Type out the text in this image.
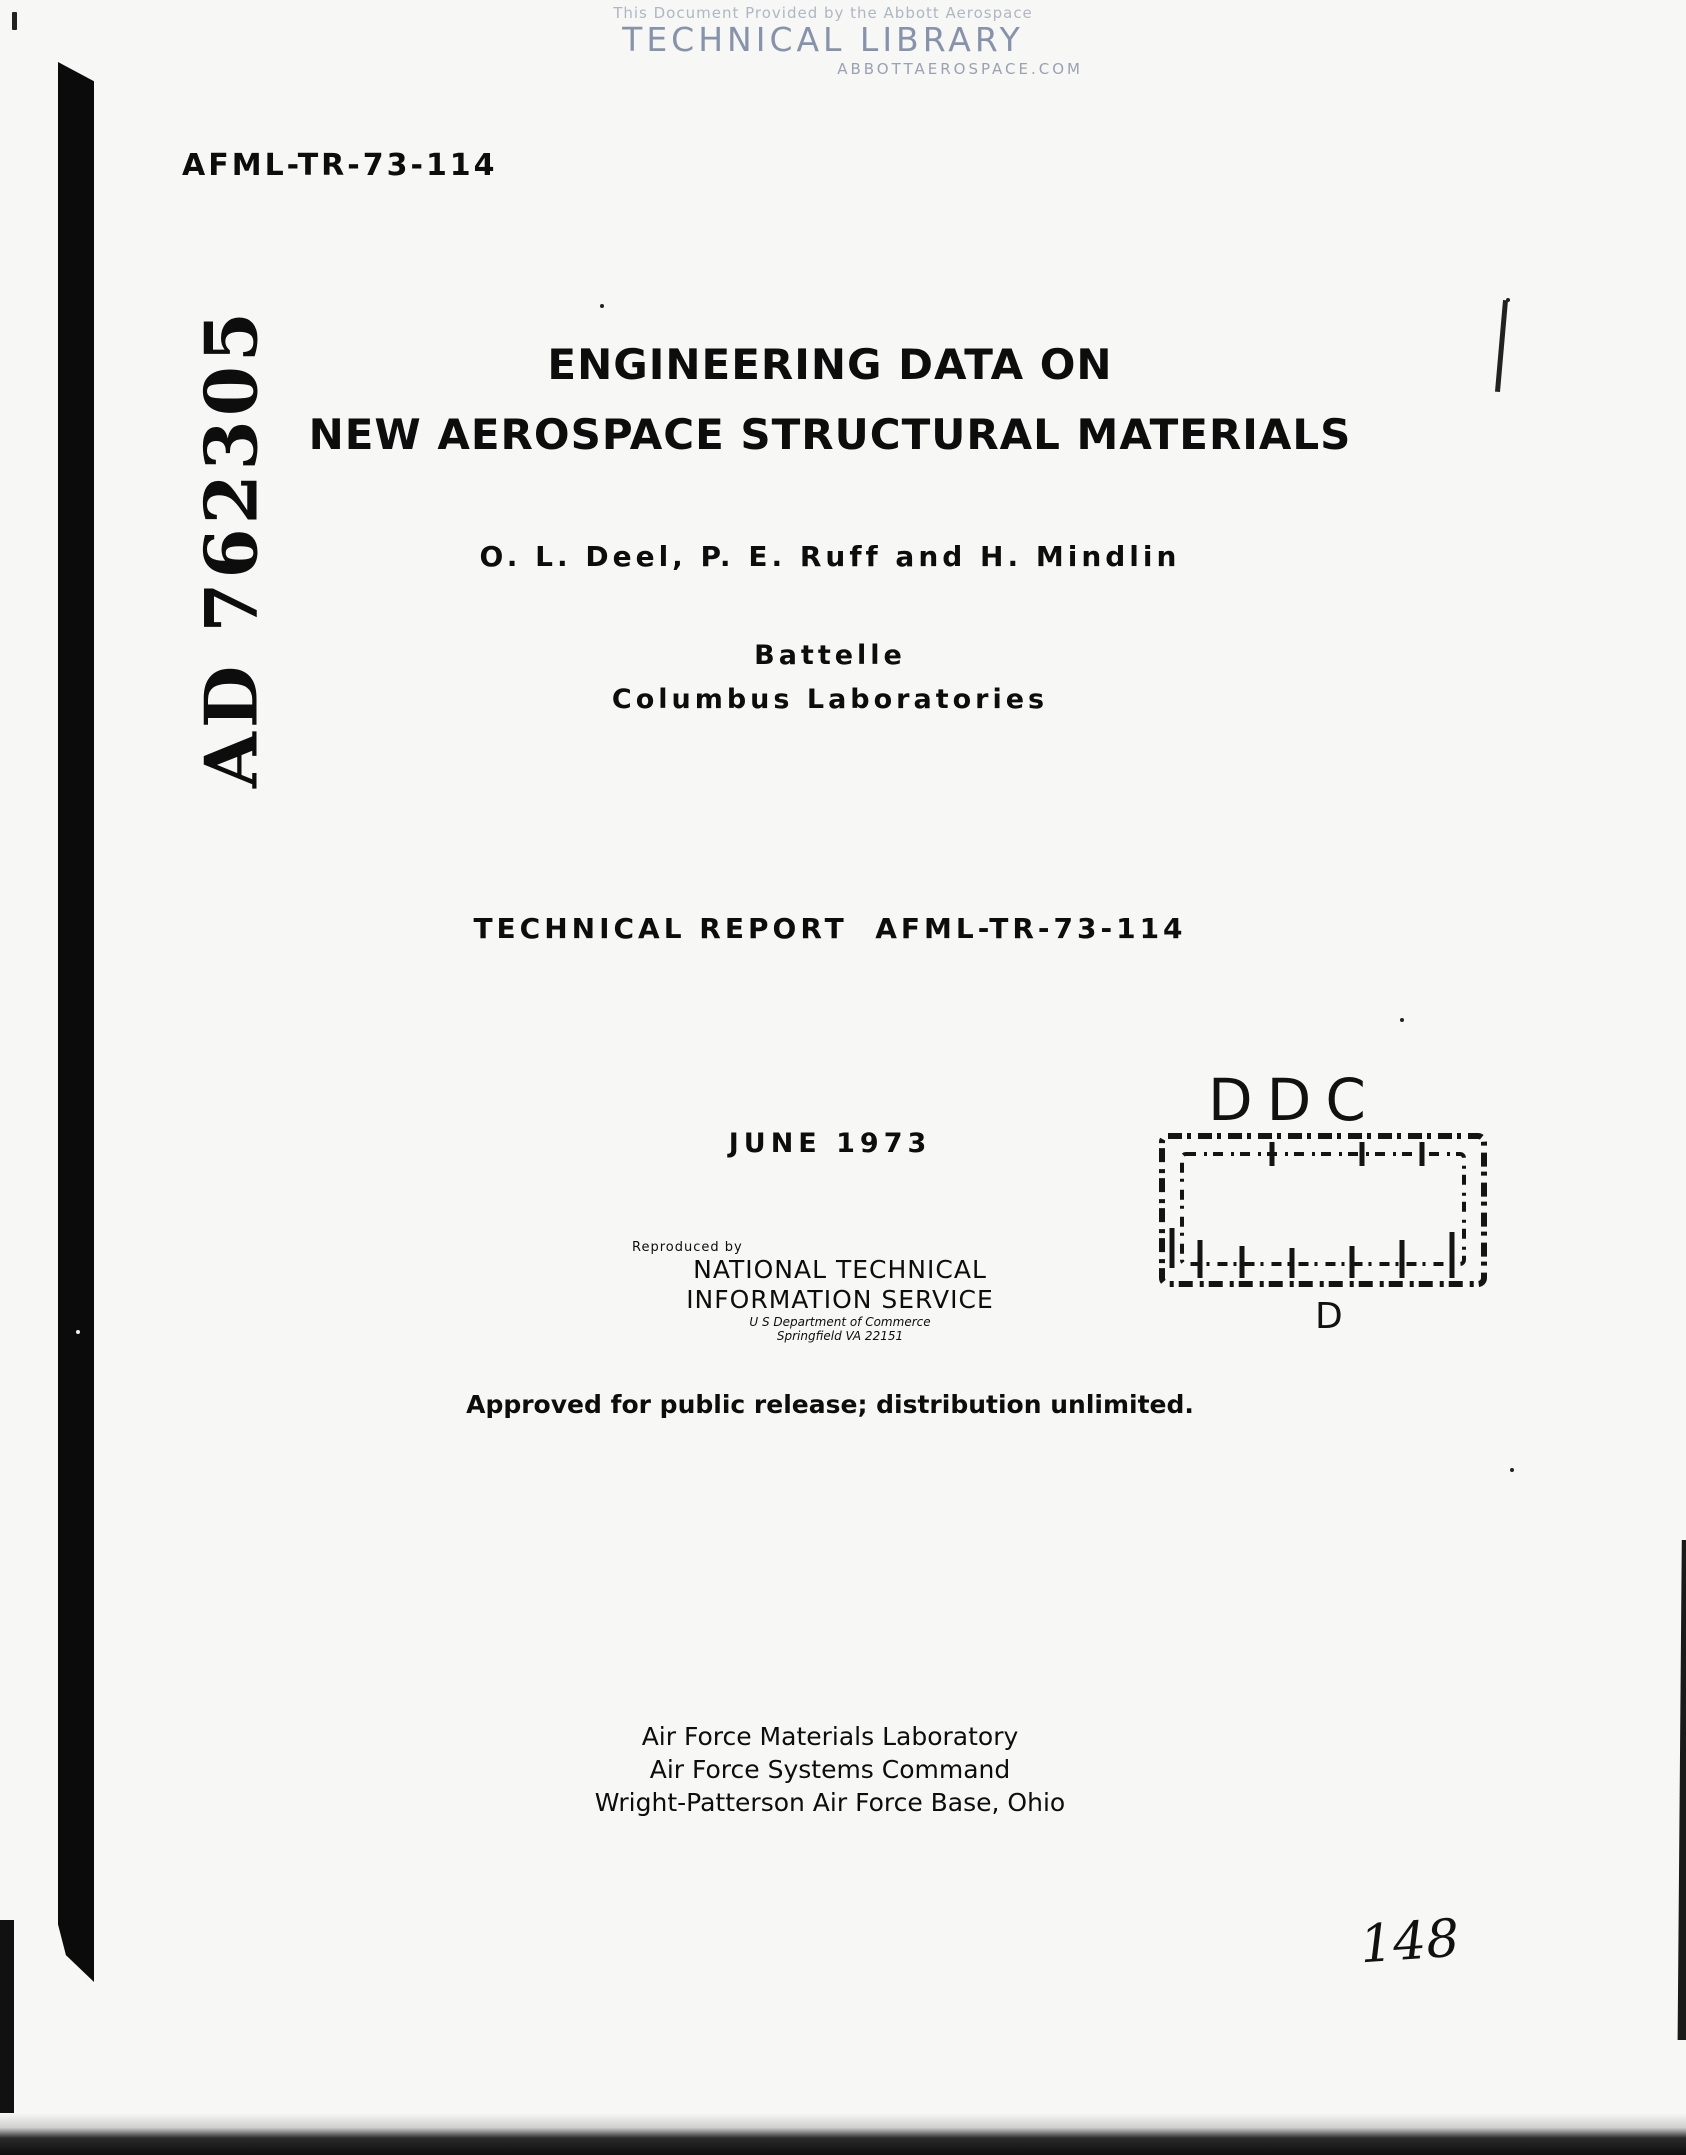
This Document Provided by the Abbott Aerospace
TECHNICAL LIBRARY
ABBOTTAEROSPACE.COM
AFML-TR-73-114
AD 762305	ENGINEERING DATA ON
NEW AEROSPACE STRUCTURAL MATERIALS
O. L. Deel, P. E. Ruff and H. Mindlin
Battelle
Columbus Laboratories
TECHNICAL REPORT  AFML-TR-73-114
JUNE 1973
Reproduced by
NATIONAL TECHNICAL
INFORMATION SERVICE
U S Department of Commerce
Springfield VA 22151
Approved for public release; distribution unlimited.
Air Force Materials Laboratory
Air Force Systems Command
Wright-Patterson Air Force Base, Ohio
DDC
D
148
